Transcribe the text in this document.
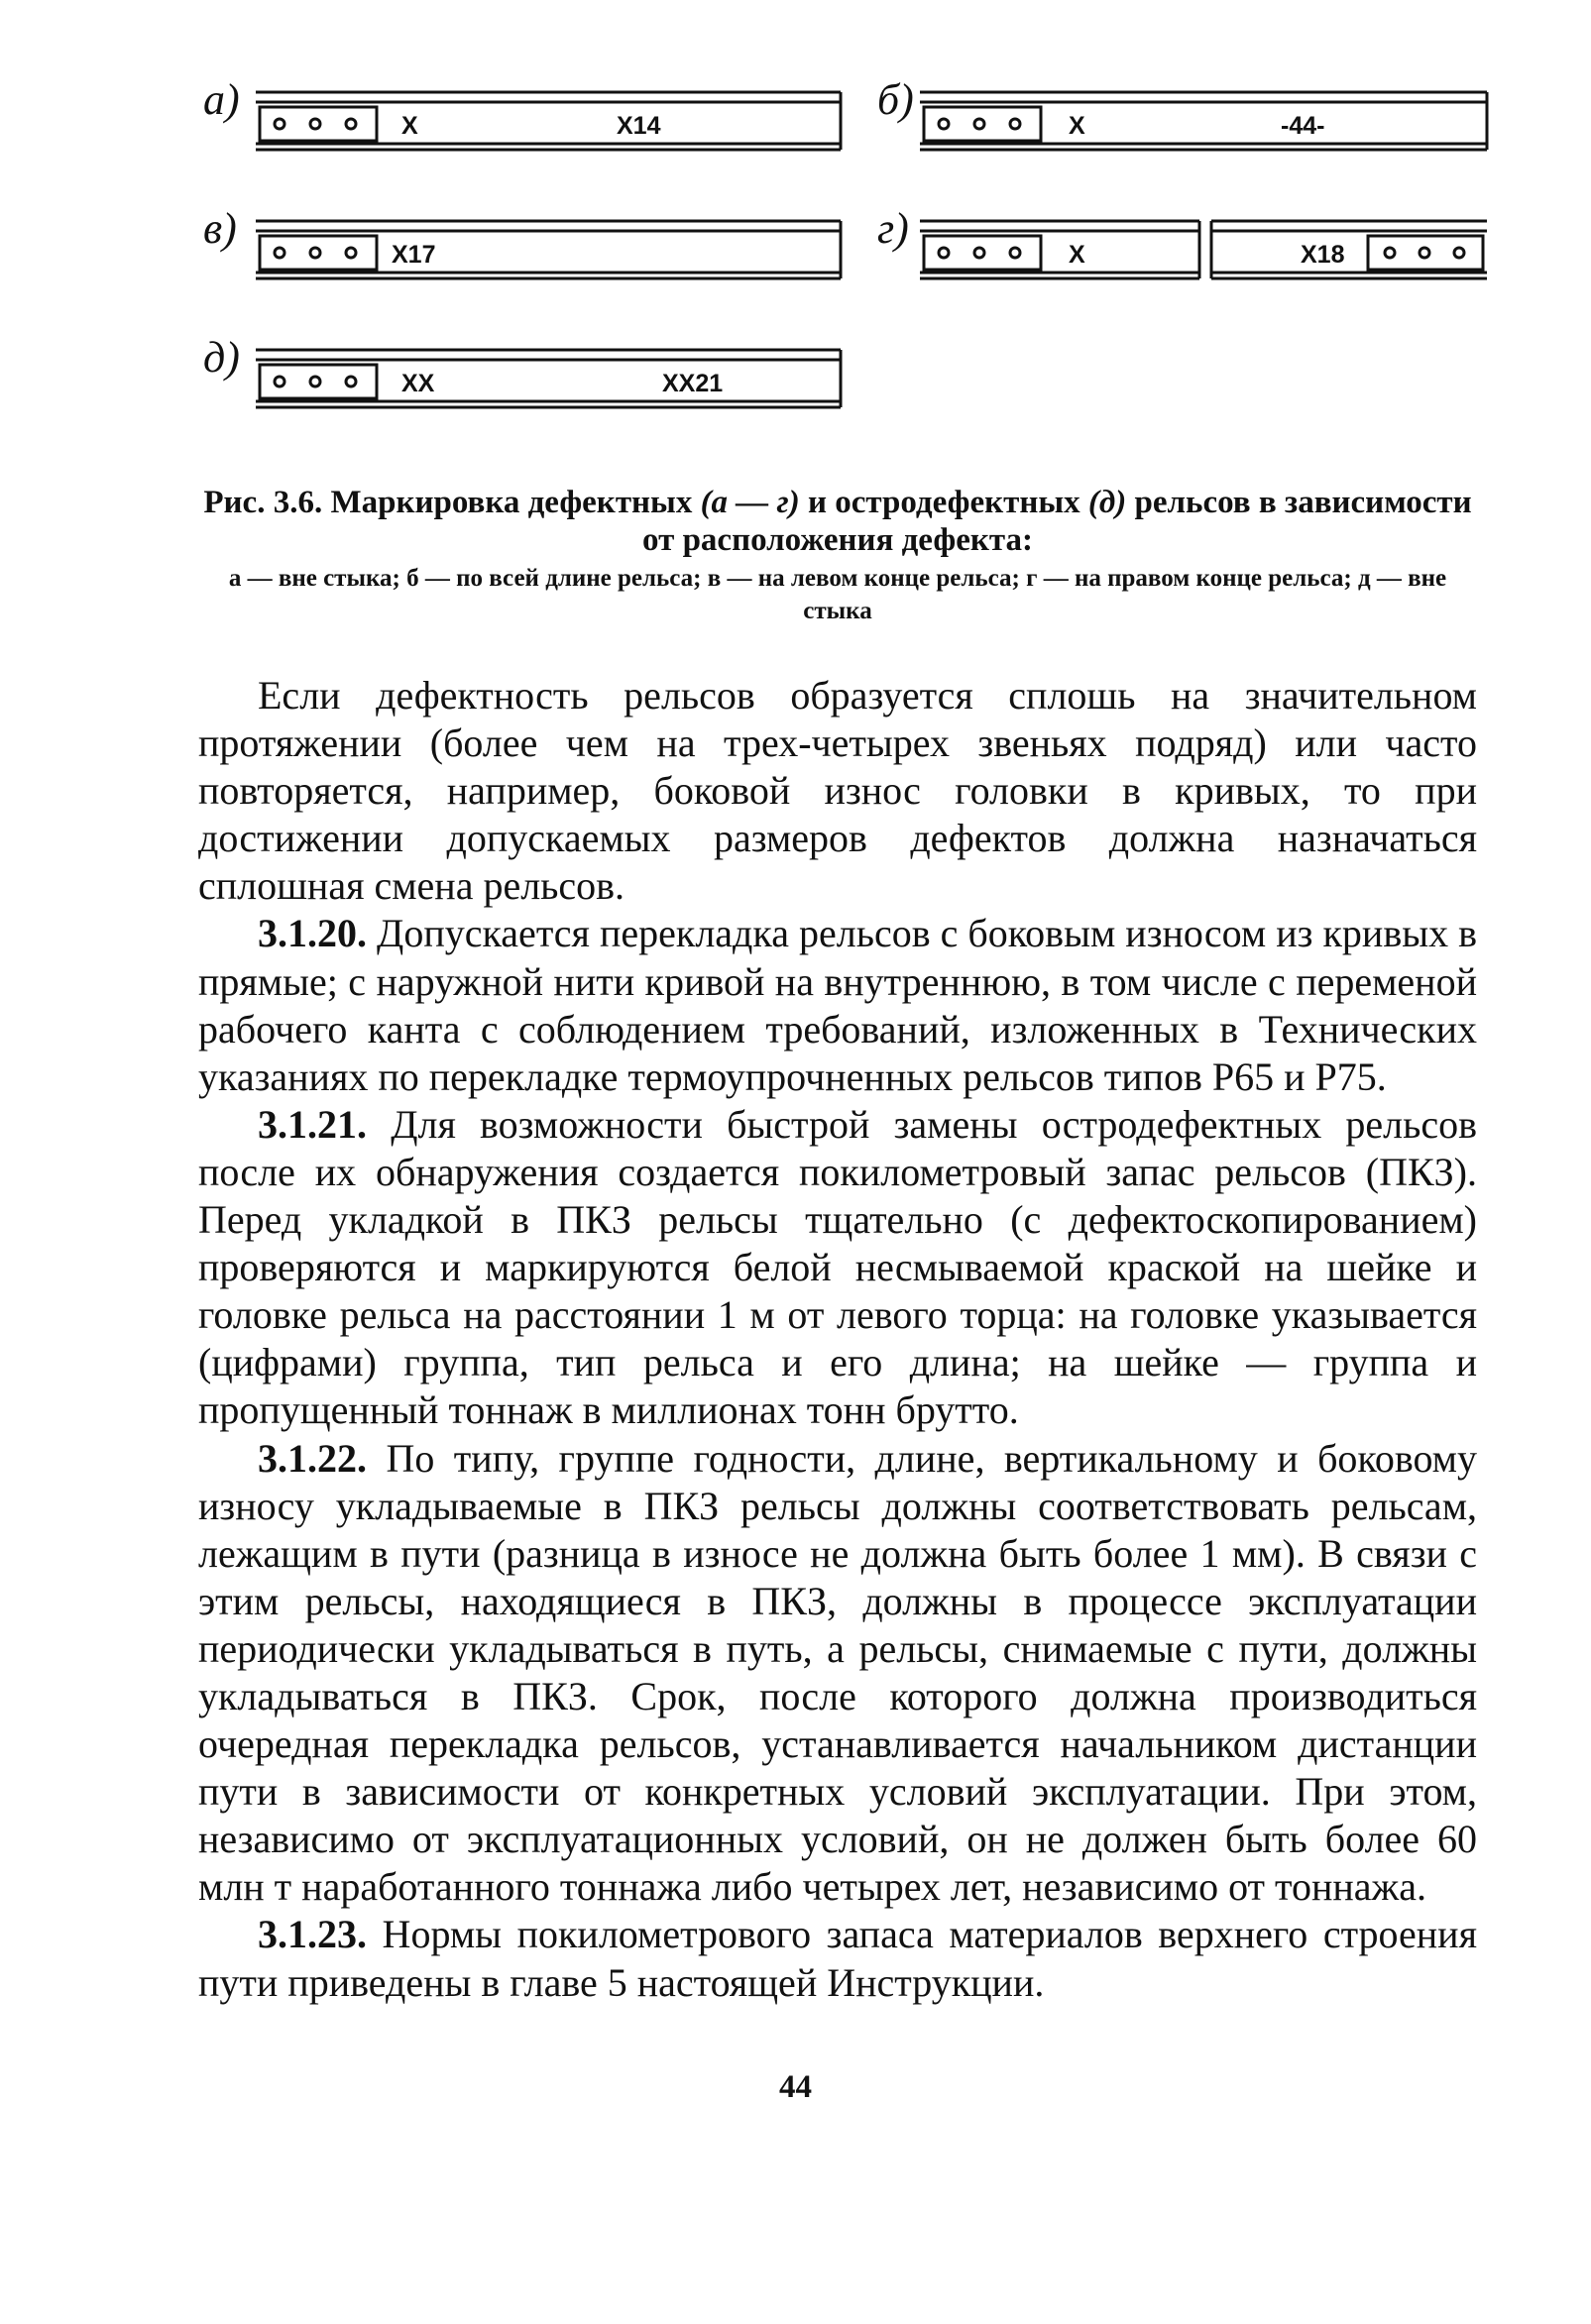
а)
X	X14
б)
X	-44-
в)
X17
г)
X	X18
д)
XX	XX21

Рис. 3.6. Маркировка дефектных (а — г) и остродефектных (д) рельсов в зависимости от расположения дефекта:

а — вне стыка; б — по всей длине рельса; в — на левом конце рельса; г — на правом конце рельса; д — вне стыка

Если дефектность рельсов образуется сплошь на значительном протяжении (более чем на трех-четырех звеньях подряд) или часто повторяется, например, боковой износ головки в кривых, то при достижении допускаемых размеров дефектов должна назначаться сплошная смена рельсов.

3.1.20. Допускается перекладка рельсов с боковым износом из кривых в прямые; с наружной нити кривой на внутреннюю, в том числе с переменой рабочего канта с соблюдением требований, изложенных в Технических указаниях по перекладке термоупрочненных рельсов типов Р65 и Р75.

3.1.21. Для возможности быстрой замены остродефектных рельсов после их обнаружения создается покилометровый запас рельсов (ПКЗ). Перед укладкой в ПКЗ рельсы тщательно (с дефектоскопированием) проверяются и маркируются белой несмываемой краской на шейке и головке рельса на расстоянии 1 м от левого торца: на головке указывается (цифрами) группа, тип рельса и его длина; на шейке — группа и пропущенный тоннаж в миллионах тонн брутто.

3.1.22. По типу, группе годности, длине, вертикальному и боковому износу укладываемые в ПКЗ рельсы должны соответствовать рельсам, лежащим в пути (разница в износе не должна быть более 1 мм). В связи с этим рельсы, находящиеся в ПКЗ, должны в процессе эксплуатации периодически укладываться в путь, а рельсы, снимаемые с пути, должны укладываться в ПКЗ. Срок, после которого должна производиться очередная перекладка рельсов, устанавливается начальником дистанции пути в зависимости от конкретных условий эксплуатации. При этом, независимо от эксплуатационных условий, он не должен быть более 60 млн т наработанного тоннажа либо четырех лет, независимо от тоннажа.

3.1.23. Нормы покилометрового запаса материалов верхнего строения пути приведены в главе 5 настоящей Инструкции.

44
